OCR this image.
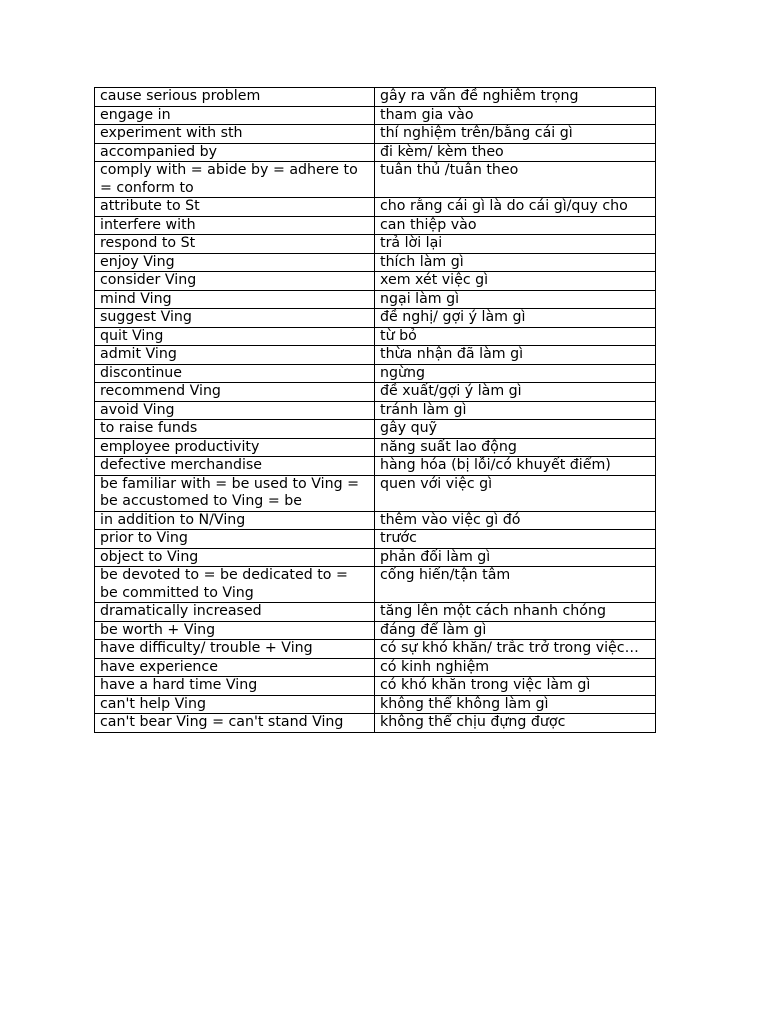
cause serious problem	gây ra vấn đề nghiêm trọng
engage in	tham gia vào
experiment with sth	thí nghiệm trên/bằng cái gì
accompanied by	đi kèm/ kèm theo
comply with = abide by = adhere to = conform to	tuân thủ /tuân theo
attribute to St	cho rằng cái gì là do cái gì/quy cho
interfere with	can thiệp vào
respond to St	trả lời lại
enjoy Ving	thích làm gì
consider Ving	xem xét việc gì
mind Ving	ngại làm gì
suggest Ving	đề nghị/ gợi ý làm gì
quit Ving	từ bỏ
admit Ving	thừa nhận đã làm gì
discontinue	ngừng
recommend Ving	đề xuất/gợi ý làm gì
avoid Ving	tránh làm gì
to raise funds	gây quỹ
employee productivity	năng suất lao động
defective merchandise	hàng hóa (bị lỗi/có khuyết điểm)
be familiar with = be used to Ving = be accustomed to Ving = be	quen với việc gì
in addition to N/Ving	thêm vào việc gì đó
prior to Ving	trước
object to Ving	phản đối làm gì
be devoted to = be dedicated to = be committed to Ving	cống hiến/tận tâm
dramatically increased	tăng lên một cách nhanh chóng
be worth + Ving	đáng để làm gì
have difficulty/ trouble + Ving	có sự khó khăn/ trắc trở trong việc…
have experience	có kinh nghiệm
have a hard time Ving	có khó khăn trong việc làm gì
can't help Ving	không thể không làm gì
can't bear Ving = can't stand Ving	không thể chịu đựng được
